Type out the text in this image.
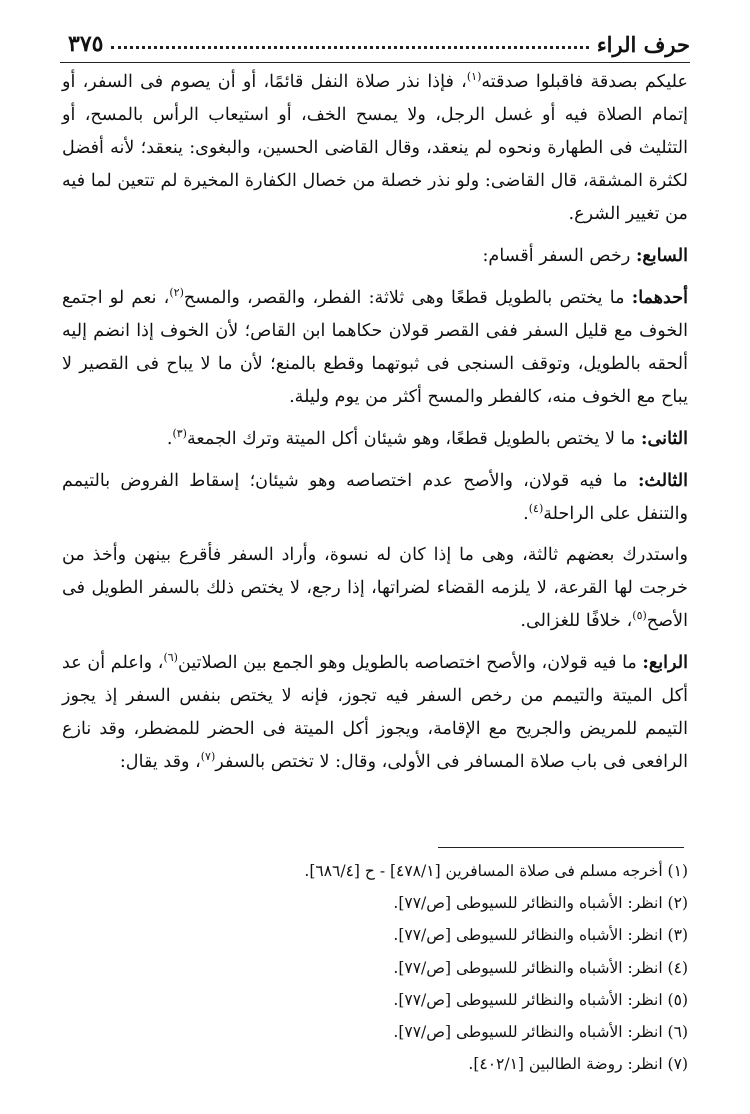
حرف الراء
٣٧٥

عليكم بصدقة فاقبلوا صدقته$^{(١)}$، فإذا نذر صلاة النفل قائمًا، أو أن يصوم فى السفر، أو إتمام الصلاة فيه أو غسل الرجل، ولا يمسح الخف، أو استيعاب الرأس بالمسح، أو التثليث فى الطهارة ونحوه لم ينعقد، وقال القاضى الحسين، والبغوى: ينعقد؛ لأنه أفضل لكثرة المشقة، قال القاضى: ولو نذر خصلة من خصال الكفارة المخيرة لم تتعين لما فيه من تغيير الشرع.

السابع: رخص السفر أقسام:

أحدهما: ما يختص بالطويل قطعًا وهى ثلاثة: الفطر، والقصر، والمسح$^{(٢)}$، نعم لو اجتمع الخوف مع قليل السفر ففى القصر قولان حكاهما ابن القاص؛ لأن الخوف إذا انضم إليه ألحقه بالطويل، وتوقف السنجى فى ثبوتهما وقطع بالمنع؛ لأن ما لا يباح فى القصير لا يباح مع الخوف منه، كالفطر والمسح أكثر من يوم وليلة.

الثانى: ما لا يختص بالطويل قطعًا، وهو شيئان أكل الميتة وترك الجمعة$^{(٣)}$.

الثالث: ما فيه قولان، والأصح عدم اختصاصه وهو شيئان؛ إسقاط الفروض بالتيمم والتنفل على الراحلة$^{(٤)}$.

واستدرك بعضهم ثالثة، وهى ما إذا كان له نسوة، وأراد السفر فأقرع بينهن وأخذ من خرجت لها القرعة، لا يلزمه القضاء لضراتها، إذا رجع، لا يختص ذلك بالسفر الطويل فى الأصح$^{(٥)}$، خلافًا للغزالى.

الرابع: ما فيه قولان، والأصح اختصاصه بالطويل وهو الجمع بين الصلاتين$^{(٦)}$، واعلم أن عد أكل الميتة والتيمم من رخص السفر فيه تجوز، فإنه لا يختص بنفس السفر إذ يجوز التيمم للمريض والجريح مع الإقامة، ويجوز أكل الميتة فى الحضر للمضطر، وقد نازع الرافعى فى باب صلاة المسافر فى الأولى، وقال: لا تختص بالسفر$^{(٧)}$، وقد يقال:

(١) أخرجه مسلم فى صلاة المسافرين [٤٧٨/١] - ح [٦٨٦/٤].
(٢) انظر: الأشباه والنظائر للسيوطى [ص/٧٧].
(٣) انظر: الأشباه والنظائر للسيوطى [ص/٧٧].
(٤) انظر: الأشباه والنظائر للسيوطى [ص/٧٧].
(٥) انظر: الأشباه والنظائر للسيوطى [ص/٧٧].
(٦) انظر: الأشباه والنظائر للسيوطى [ص/٧٧].
(٧) انظر: روضة الطالبين [٤٠٢/١].
